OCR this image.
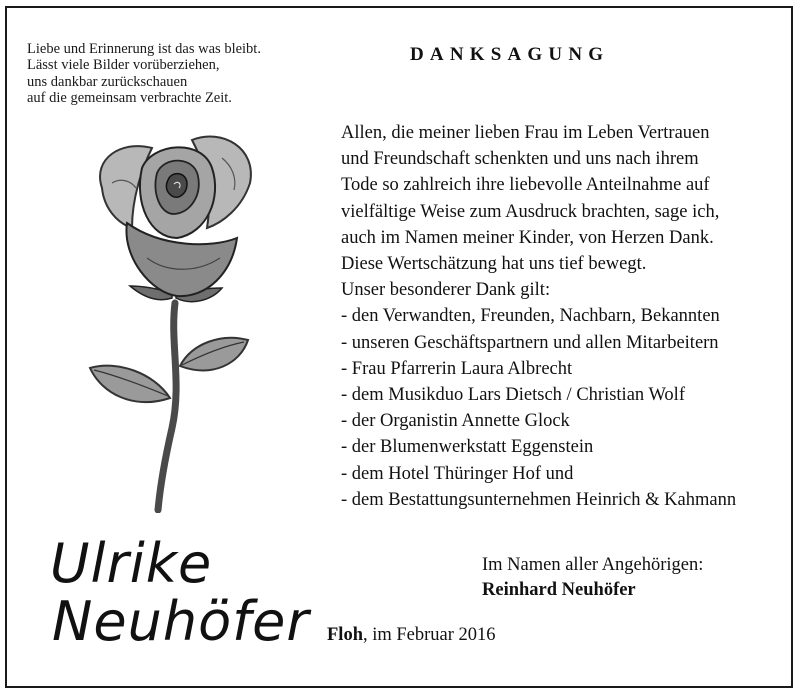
Liebe und Erinnerung ist das was bleibt.
Lässt viele Bilder vorüberziehen,
uns dankbar zurückschauen
auf die gemeinsam verbrachte Zeit.
DANKSAGUNG
Allen, die meiner lieben Frau im Leben Vertrauen
und Freundschaft schenkten und uns nach ihrem
Tode so zahlreich ihre liebevolle Anteilnahme auf
vielfältige Weise zum Ausdruck brachten, sage ich,
auch im Namen meiner Kinder, von Herzen Dank.
Diese Wertschätzung hat uns tief bewegt.
Unser besonderer Dank gilt:
- den Verwandten, Freunden, Nachbarn, Bekannten
- unseren Geschäftspartnern und allen Mitarbeitern
- Frau Pfarrerin Laura Albrecht
- dem Musikduo Lars Dietsch / Christian Wolf
- der Organistin Annette Glock
- der Blumenwerkstatt Eggenstein
- dem Hotel Thüringer Hof und
- dem Bestattungsunternehmen Heinrich & Kahmann
Ulrike
Neuhöfer
Im Namen aller Angehörigen:
Reinhard Neuhöfer
Floh, im Februar 2016
